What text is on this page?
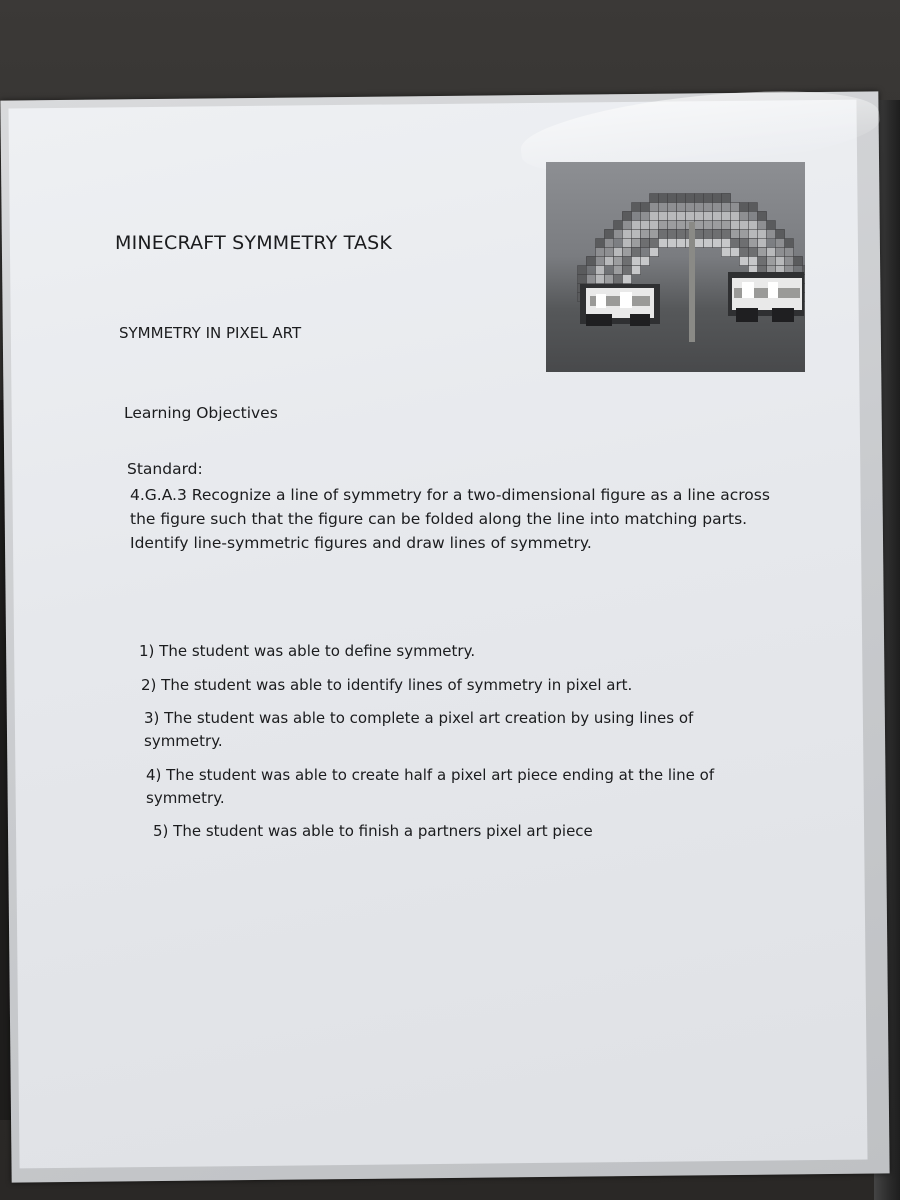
MINECRAFT SYMMETRY TASK
SYMMETRY IN PIXEL ART
Learning Objectives
Standard:
4.G.A.3 Recognize a line of symmetry for a two-dimensional figure as a line across the figure such that the figure can be folded along the line into matching parts. Identify line-symmetric figures and draw lines of symmetry.
1) The student was able to define symmetry.
2) The student was able to identify lines of symmetry in pixel art.
3) The student was able to complete a pixel art creation by using lines of symmetry.
4) The student was able to create half a pixel art piece ending at the line of symmetry.
5) The student was able to finish a partners pixel art piece
